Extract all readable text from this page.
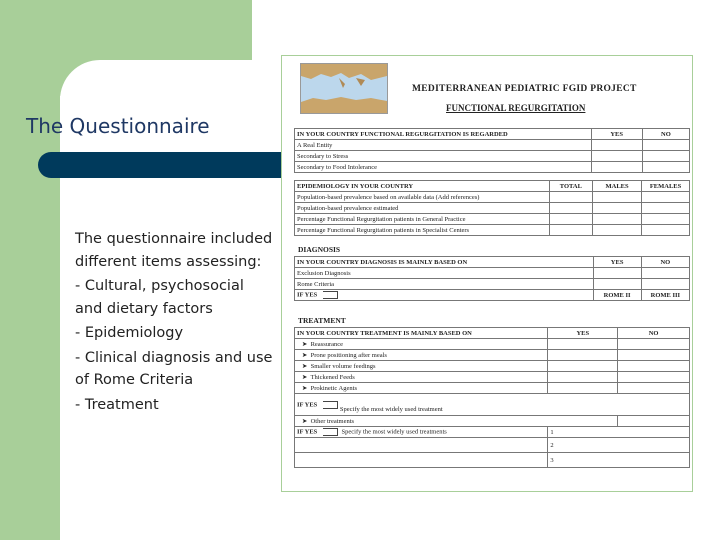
The Questionnaire
The questionnaire included different items assessing:
- Cultural, psychosocial and dietary factors
- Epidemiology
- Clinical diagnosis and use of Rome Criteria
- Treatment
MEDITERRANEAN PEDIATRIC FGID PROJECT
FUNCTIONAL REGURGITATION
IN YOUR COUNTRY FUNCTIONAL REGURGITATION IS REGARDED	YES	NO
A Real Entity		
Secondary to Stress		
Secondary to Food Intolerance		
EPIDEMIOLOGY IN YOUR COUNTRY	TOTAL	MALES	FEMALES
Population-based prevalence based on available data (Add references)			
Population-based prevalence estimated			
Percentage Functional Regurgitation patients in General Practice			
Percentage Functional Regurgitation patients in Specialist Centers			
DIAGNOSIS
IN YOUR COUNTRY DIAGNOSIS IS MAINLY BASED ON	YES	NO
Exclusion Diagnosis		
Rome Criteria		
IF YES	ROME II	ROME III
TREATMENT
IN YOUR COUNTRY TREATMENT IS MAINLY BASED ON	YES	NO
➤  Reassurance		
➤  Prone positioning after meals		
➤  Smaller volume feedings		
➤  Thickened Feeds		
➤  Prokinetic Agents		
IF YES Specify the most widely used treatment		
➤  Other treatments		
IF YES Specify the most widely used treatments	1	
	2	
	3	
